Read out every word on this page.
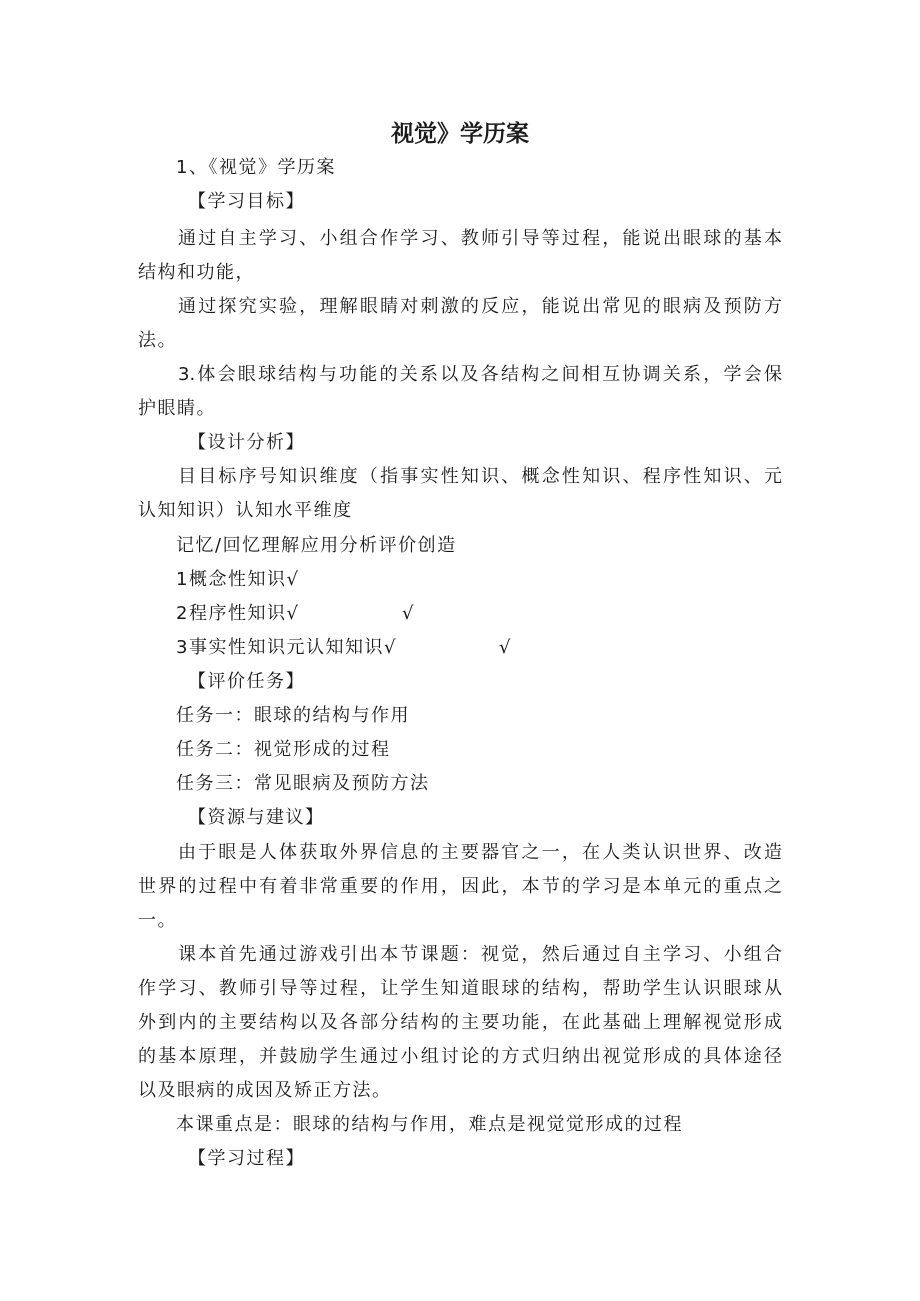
视觉》学历案
1、《视觉》学历案
【学习目标】
通过自主学习、小组合作学习、教师引导等过程，能说出眼球的基本
结构和功能，
通过探究实验，理解眼睛对刺激的反应，能说出常见的眼病及预防方
法。
3.体会眼球结构与功能的关系以及各结构之间相互协调关系，学会保
护眼睛。
【设计分析】
目目标序号知识维度（指事实性知识、概念性知识、程序性知识、元
认知知识）认知水平维度
记忆/回忆理解应用分析评价创造
1概念性知识√
2程序性知识√	√
3事实性知识元认知知识√	√
【评价任务】
任务一：眼球的结构与作用
任务二：视觉形成的过程
任务三：常见眼病及预防方法
【资源与建议】
由于眼是人体获取外界信息的主要器官之一，在人类认识世界、改造
世界的过程中有着非常重要的作用，因此，本节的学习是本单元的重点之
一。
课本首先通过游戏引出本节课题：视觉，然后通过自主学习、小组合
作学习、教师引导等过程，让学生知道眼球的结构，帮助学生认识眼球从
外到内的主要结构以及各部分结构的主要功能，在此基础上理解视觉形成
的基本原理，并鼓励学生通过小组讨论的方式归纳出视觉形成的具体途径
以及眼病的成因及矫正方法。
本课重点是：眼球的结构与作用，难点是视觉觉形成的过程
【学习过程】
